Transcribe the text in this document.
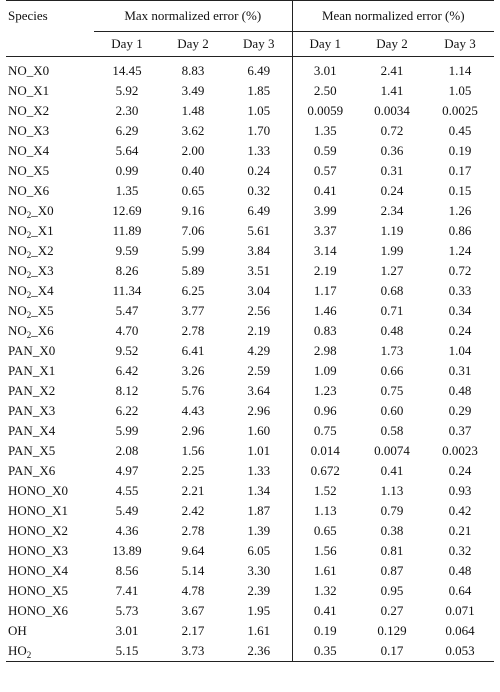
Species	Max normalized error (%)			Mean normalized error (%)		
	Day 1	Day 2	Day 3	Day 1	Day 2	Day 3

NO_X0	14.45	8.83	6.49	3.01	2.41	1.14
NO_X1	5.92	3.49	1.85	2.50	1.41	1.05
NO_X2	2.30	1.48	1.05	0.0059	0.0034	0.0025
NO_X3	6.29	3.62	1.70	1.35	0.72	0.45
NO_X4	5.64	2.00	1.33	0.59	0.36	0.19
NO_X5	0.99	0.40	0.24	0.57	0.31	0.17
NO_X6	1.35	0.65	0.32	0.41	0.24	0.15
$NO_2\_X0$	12.69	9.16	6.49	3.99	2.34	1.26
$NO_2\_X1$	11.89	7.06	5.61	3.37	1.19	0.86
$NO_2\_X2$	9.59	5.99	3.84	3.14	1.99	1.24
$NO_2\_X3$	8.26	5.89	3.51	2.19	1.27	0.72
$NO_2\_X4$	11.34	6.25	3.04	1.17	0.68	0.33
$NO_2\_X5$	5.47	3.77	2.56	1.46	0.71	0.34
$NO_2\_X6$	4.70	2.78	2.19	0.83	0.48	0.24
PAN_X0	9.52	6.41	4.29	2.98	1.73	1.04
PAN_X1	6.42	3.26	2.59	1.09	0.66	0.31
PAN_X2	8.12	5.76	3.64	1.23	0.75	0.48
PAN_X3	6.22	4.43	2.96	0.96	0.60	0.29
PAN_X4	5.99	2.96	1.60	0.75	0.58	0.37
PAN_X5	2.08	1.56	1.01	0.014	0.0074	0.0023
PAN_X6	4.97	2.25	1.33	0.672	0.41	0.24
HONO_X0	4.55	2.21	1.34	1.52	1.13	0.93
HONO_X1	5.49	2.42	1.87	1.13	0.79	0.42
HONO_X2	4.36	2.78	1.39	0.65	0.38	0.21
HONO_X3	13.89	9.64	6.05	1.56	0.81	0.32
HONO_X4	8.56	5.14	3.30	1.61	0.87	0.48
HONO_X5	7.41	4.78	2.39	1.32	0.95	0.64
HONO_X6	5.73	3.67	1.95	0.41	0.27	0.071
OH	3.01	2.17	1.61	0.19	0.129	0.064
$HO_2$	5.15	3.73	2.36	0.35	0.17	0.053
